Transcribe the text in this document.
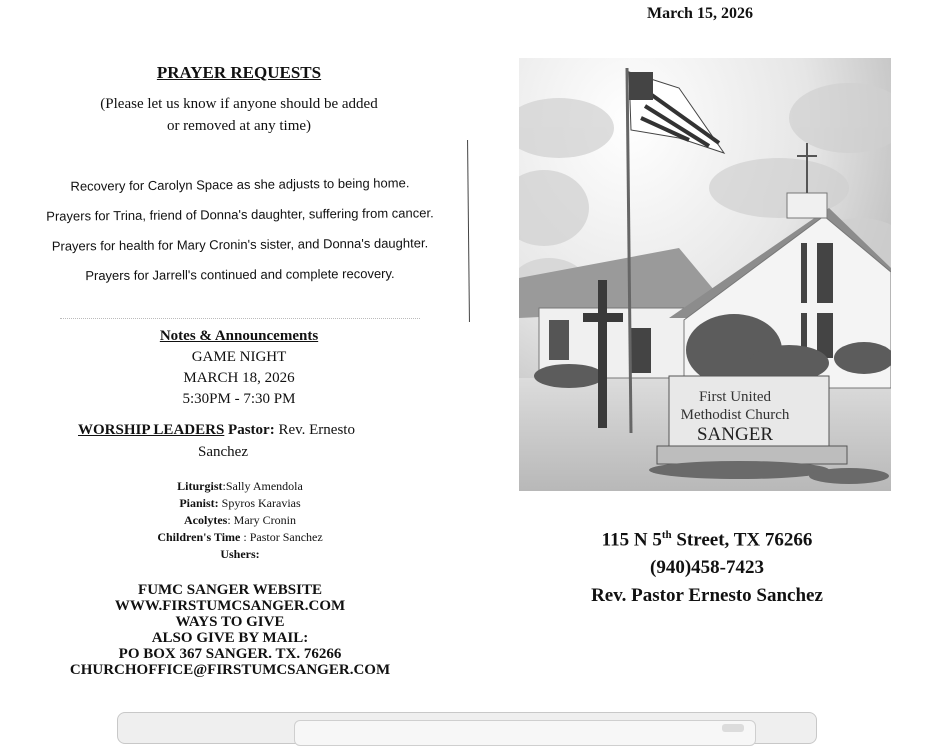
March 15, 2026
PRAYER REQUESTS
(Please let us know if anyone should be added
or removed at any time)
Recovery for Carolyn Space as she adjusts to being home.
Prayers for Trina, friend of Donna's daughter, suffering from cancer.
Prayers for health for Mary Cronin's sister, and Donna's daughter.
Prayers for Jarrell's continued and complete recovery.
Notes & Announcements
GAME NIGHT
MARCH 18, 2026
5:30PM - 7:30 PM
WORSHIP LEADERS Pastor: Rev. Ernesto
Sanchez
Liturgist:Sally Amendola
Pianist: Spyros Karavias
Acolytes: Mary Cronin
Children's Time : Pastor Sanchez
Ushers:
FUMC SANGER WEBSITE
WWW.FIRSTUMCSANGER.COM
WAYS TO GIVE
ALSO GIVE BY MAIL:
PO BOX 367 SANGER. TX. 76266
CHURCHOFFICE@FIRSTUMCSANGER.COM
First United
Methodist Church
SANGER
115 N 5th Street, TX 76266
(940)458-7423
Rev. Pastor Ernesto Sanchez
